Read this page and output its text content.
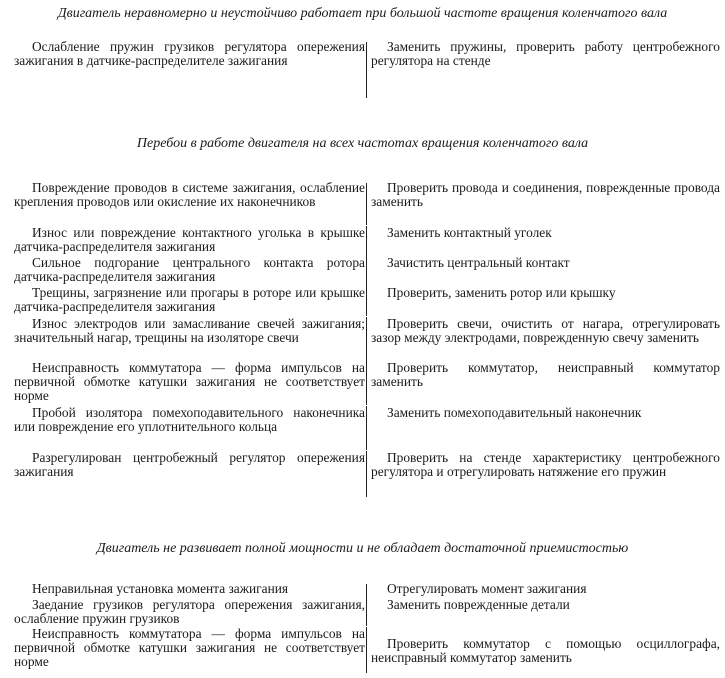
Двигатель неравномерно и неустойчиво работает при большой частоте вращения коленчатого вала
Ослабление пружин грузиков регулятора опережения зажигания в датчике-распределителе зажигания
Заменить пружины, проверить работу центробежного регулятора на стенде
Перебои в работе двигателя на всех частотах вращения коленчатого вала
Повреждение проводов в системе зажигания, ослабление крепления проводов или окисление их наконечников
Проверить провода и соединения, поврежденные провода заменить
Износ или повреждение контактного уголька в крышке датчика-распределителя зажигания
Заменить контактный уголек
Сильное подгорание центрального контакта ротора датчика-распределителя зажигания
Зачистить центральный контакт
Трещины, загрязнение или прогары в роторе или крышке датчика-распределителя зажигания
Проверить, заменить ротор или крышку
Износ электродов или замасливание свечей зажигания; значительный нагар, трещины на изоляторе свечи
Проверить свечи, очистить от нагара, отрегулировать зазор между электродами, поврежденную свечу заменить
Неисправность коммутатора — форма импульсов на первичной обмотке катушки зажигания не соответствует норме
Проверить коммутатор, неисправный коммутатор заменить
Пробой изолятора помехоподавительного наконечника или повреждение его уплотнительного кольца
Заменить помехоподавительный наконечник
Разрегулирован центробежный регулятор опережения зажигания
Проверить на стенде характеристику центробежного регулятора и отрегулировать натяжение его пружин
Двигатель не развивает полной мощности и не обладает достаточной приемистостью
Неправильная установка момента зажигания	Отрегулировать момент зажигания
Заедание грузиков регулятора опережения зажигания, ослабление пружин грузиков
Заменить поврежденные детали
Неисправность коммутатора — форма импульсов на первичной обмотке катушки зажигания не соответствует норме
Проверить коммутатор с помощью осциллографа, неисправный коммутатор заменить
